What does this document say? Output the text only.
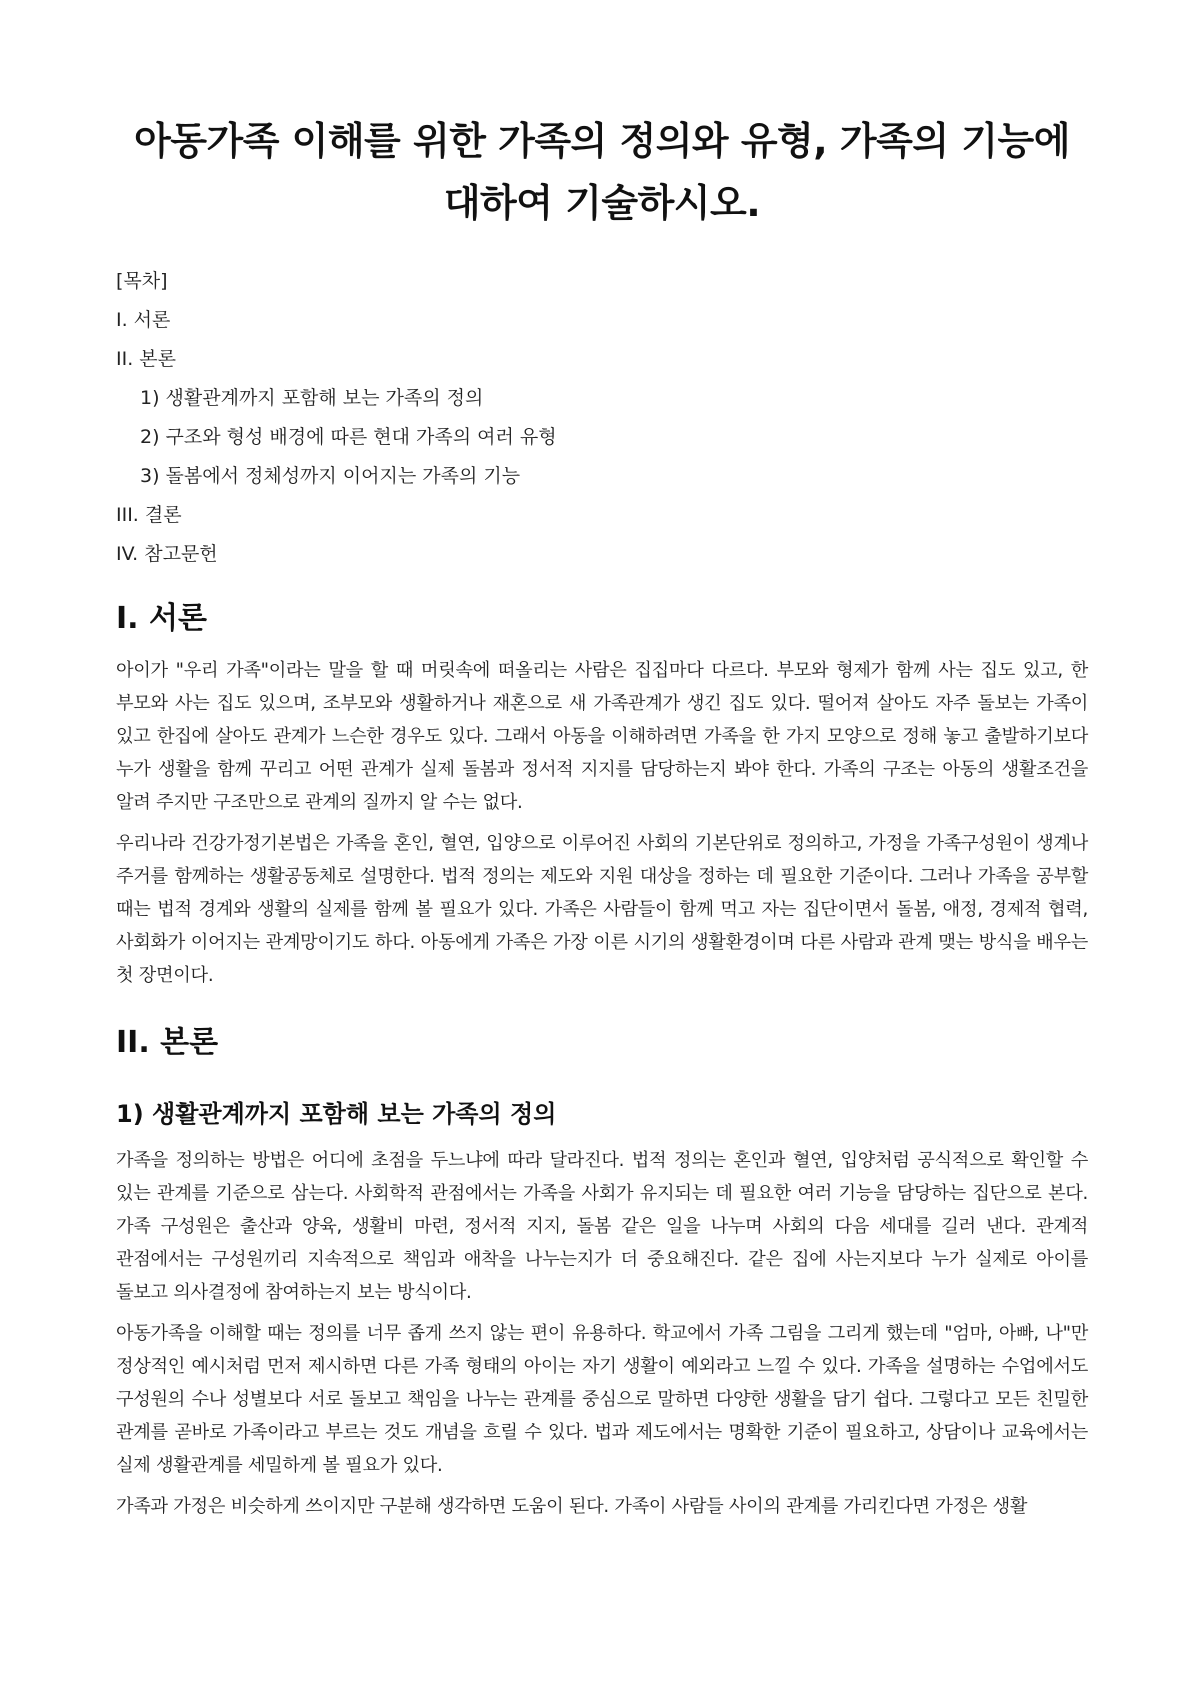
아동가족 이해를 위한 가족의 정의와 유형, 가족의 기능에 대하여 기술하시오.
[목차]
I. 서론
II. 본론
1) 생활관계까지 포함해 보는 가족의 정의
2) 구조와 형성 배경에 따른 현대 가족의 여러 유형
3) 돌봄에서 정체성까지 이어지는 가족의 기능
III. 결론
IV. 참고문헌
I. 서론

아이가 "우리 가족"이라는 말을 할 때 머릿속에 떠올리는 사람은 집집마다 다르다. 부모와 형제가 함께 사는 집도 있고, 한 부모와 사는 집도 있으며, 조부모와 생활하거나 재혼으로 새 가족관계가 생긴 집도 있다. 떨어져 살아도 자주 돌보는 가족이 있고 한집에 살아도 관계가 느슨한 경우도 있다. 그래서 아동을 이해하려면 가족을 한 가지 모양으로 정해 놓고 출발하기보다 누가 생활을 함께 꾸리고 어떤 관계가 실제 돌봄과 정서적 지지를 담당하는지 봐야 한다. 가족의 구조는 아동의 생활조건을 알려 주지만 구조만으로 관계의 질까지 알 수는 없다.

우리나라 건강가정기본법은 가족을 혼인, 혈연, 입양으로 이루어진 사회의 기본단위로 정의하고, 가정을 가족구성원이 생계나 주거를 함께하는 생활공동체로 설명한다. 법적 정의는 제도와 지원 대상을 정하는 데 필요한 기준이다. 그러나 가족을 공부할 때는 법적 경계와 생활의 실제를 함께 볼 필요가 있다. 가족은 사람들이 함께 먹고 자는 집단이면서 돌봄, 애정, 경제적 협력, 사회화가 이어지는 관계망이기도 하다. 아동에게 가족은 가장 이른 시기의 생활환경이며 다른 사람과 관계 맺는 방식을 배우는 첫 장면이다.

II. 본론
1) 생활관계까지 포함해 보는 가족의 정의

가족을 정의하는 방법은 어디에 초점을 두느냐에 따라 달라진다. 법적 정의는 혼인과 혈연, 입양처럼 공식적으로 확인할 수 있는 관계를 기준으로 삼는다. 사회학적 관점에서는 가족을 사회가 유지되는 데 필요한 여러 기능을 담당하는 집단으로 본다. 가족 구성원은 출산과 양육, 생활비 마련, 정서적 지지, 돌봄 같은 일을 나누며 사회의 다음 세대를 길러 낸다. 관계적 관점에서는 구성원끼리 지속적으로 책임과 애착을 나누는지가 더 중요해진다. 같은 집에 사는지보다 누가 실제로 아이를 돌보고 의사결정에 참여하는지 보는 방식이다.

아동가족을 이해할 때는 정의를 너무 좁게 쓰지 않는 편이 유용하다. 학교에서 가족 그림을 그리게 했는데 "엄마, 아빠, 나"만 정상적인 예시처럼 먼저 제시하면 다른 가족 형태의 아이는 자기 생활이 예외라고 느낄 수 있다. 가족을 설명하는 수업에서도 구성원의 수나 성별보다 서로 돌보고 책임을 나누는 관계를 중심으로 말하면 다양한 생활을 담기 쉽다. 그렇다고 모든 친밀한 관계를 곧바로 가족이라고 부르는 것도 개념을 흐릴 수 있다. 법과 제도에서는 명확한 기준이 필요하고, 상담이나 교육에서는 실제 생활관계를 세밀하게 볼 필요가 있다.

가족과 가정은 비슷하게 쓰이지만 구분해 생각하면 도움이 된다. 가족이 사람들 사이의 관계를 가리킨다면 가정은 생활
